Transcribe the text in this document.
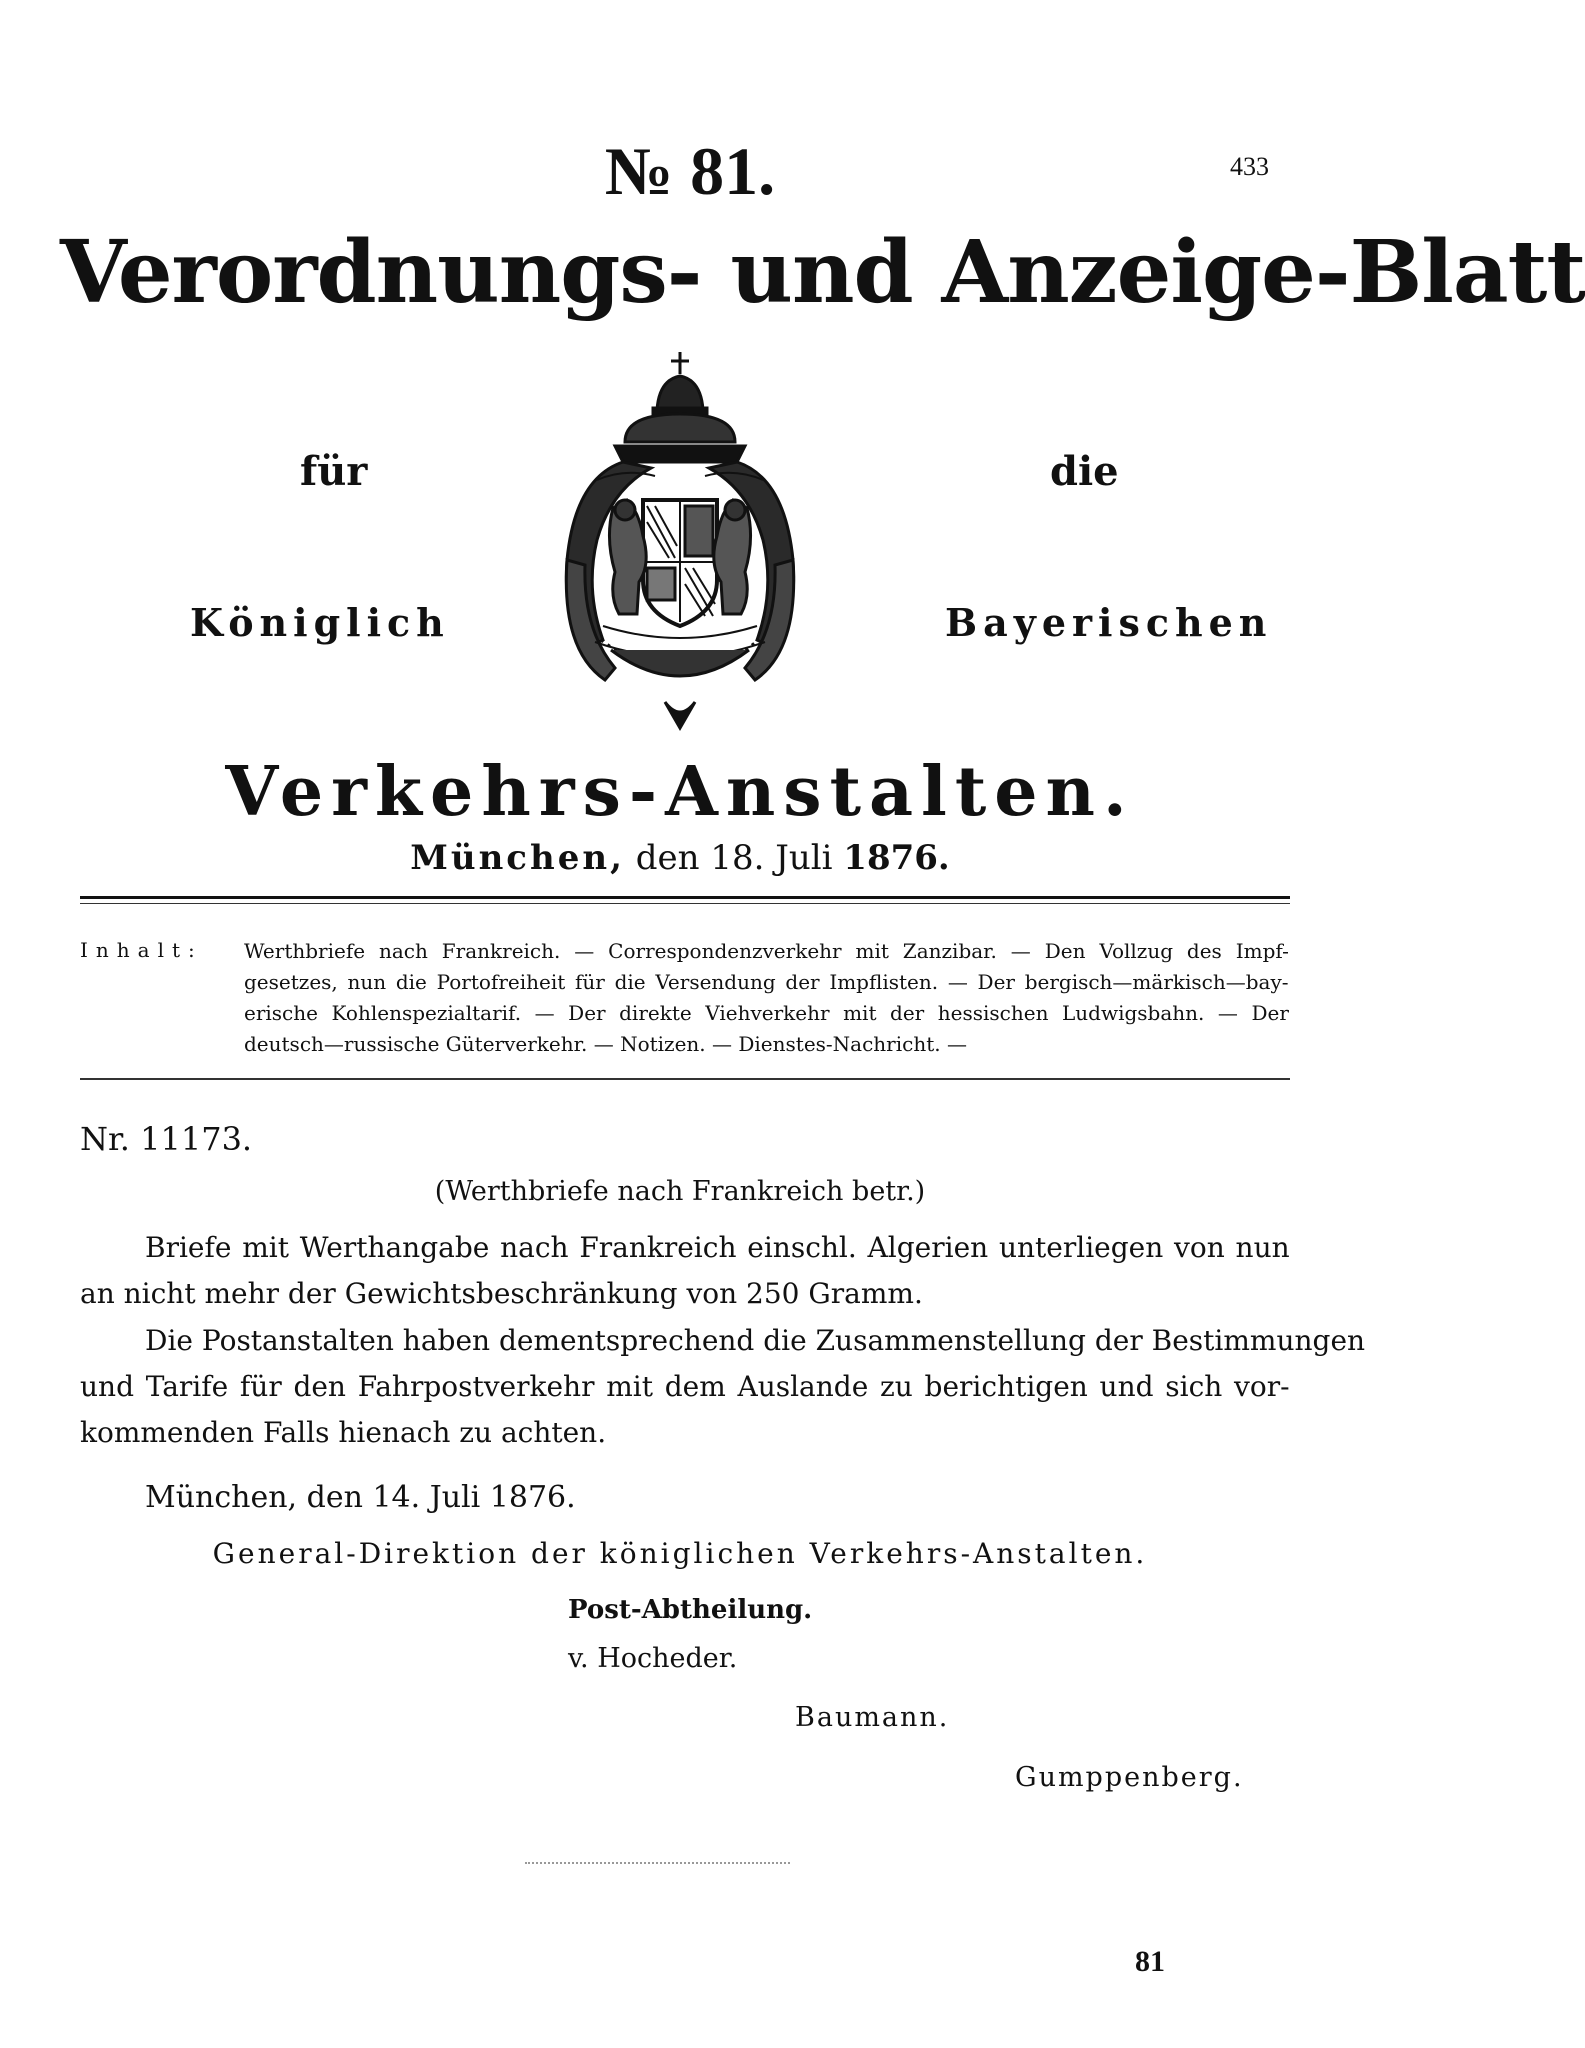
№ 81.	433
Verordnungs- und Anzeige-Blatt
für	die
Königlich	Bayerischen
Verkehrs-Anstalten.
München, den 18. Juli 1876.
Inhalt: Werthbriefe nach Frankreich. — Correspondenzverkehr mit Zanzibar. — Den Vollzug des Impf-
gesetzes, nun die Portofreiheit für die Versendung der Impflisten. — Der bergisch—märkisch—bay-
erische Kohlenspezialtarif. — Der direkte Viehverkehr mit der hessischen Ludwigsbahn. — Der
deutsch—russische Güterverkehr. — Notizen. — Dienstes-Nachricht. —
Nr. 11173.
(Werthbriefe nach Frankreich betr.)
Briefe mit Werthangabe nach Frankreich einschl. Algerien unterliegen von nun
an nicht mehr der Gewichtsbeschränkung von 250 Gramm.
Die Postanstalten haben dementsprechend die Zusammenstellung der Bestimmungen
und Tarife für den Fahrpostverkehr mit dem Auslande zu berichtigen und sich vor-
kommenden Falls hienach zu achten.
München, den 14. Juli 1876.
General-Direktion der königlichen Verkehrs-Anstalten.
Post-Abtheilung.
v. Hocheder.
Baumann.
Gumppenberg.
81
